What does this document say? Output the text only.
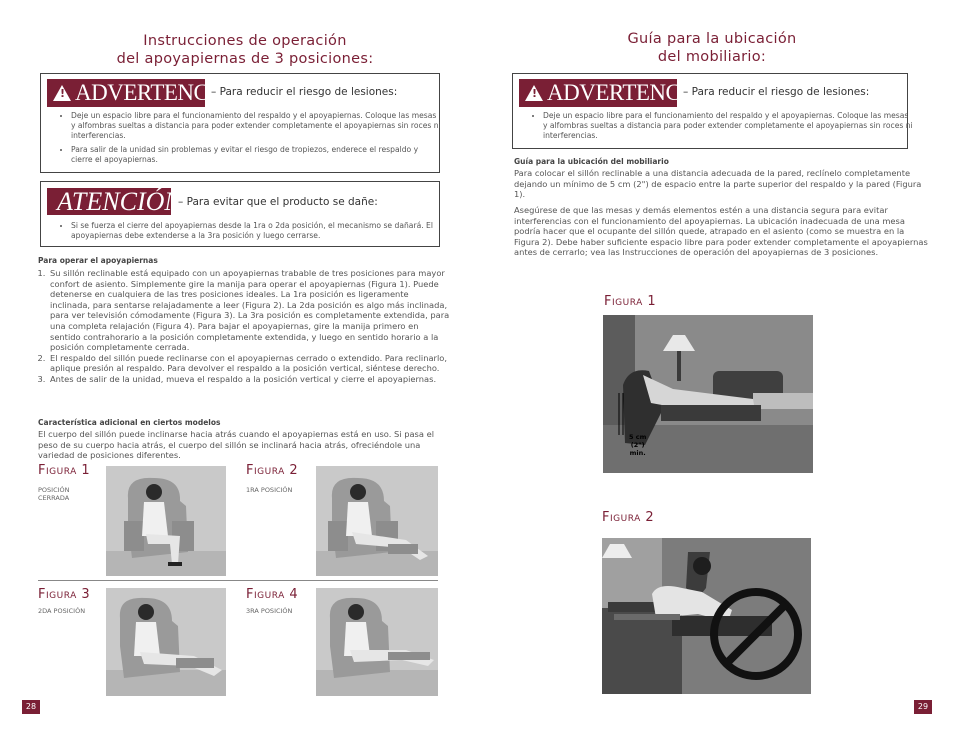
Instrucciones de operación
del apoyapiernas de 3 posiciones:
!
ADVERTENCIA
– Para reducir el riesgo de lesiones:
• Deje un espacio libre para el funcionamiento del respaldo y el apoyapiernas. Coloque las mesas y alfombras sueltas a distancia para poder extender completamente el apoyapiernas sin roces ni interferencias.
• Para salir de la unidad sin problemas y evitar el riesgo de tropiezos, enderece el respaldo y cierre el apoyapiernas.
ATENCIÓN
– Para evitar que el producto se dañe:
• Si se fuerza el cierre del apoyapiernas desde la 1ra o 2da posición, el mecanismo se dañará. El apoyapiernas debe extenderse a la 3ra posición y luego cerrarse.
Para operar el apoyapiernas
1. Su sillón reclinable está equipado con un apoyapiernas trabable de tres posiciones para mayor confort de asiento. Simplemente gire la manija para operar el apoyapiernas (Figura 1). Puede detenerse en cualquiera de las tres posiciones ideales. La 1ra posición es ligeramente inclinada, para sentarse relajadamente a leer (Figura 2). La 2da posición es algo más inclinada, para ver televisión cómodamente (Figura 3). La 3ra posición es completamente extendida, para una completa relajación (Figura 4). Para bajar el apoyapiernas, gire la manija primero en sentido contrahorario a la posición completamente extendida, y luego en sentido horario a la posición completamente cerrada.
2. El respaldo del sillón puede reclinarse con el apoyapiernas cerrado o extendido. Para reclinarlo, aplique presión al respaldo. Para devolver el respaldo a la posición vertical, siéntese derecho.
3. Antes de salir de la unidad, mueva el respaldo a la posición vertical y cierre el apoyapiernas.
Característica adicional en ciertos modelos
El cuerpo del sillón puede inclinarse hacia atrás cuando el apoyapiernas está en uso. Si pasa el peso de su cuerpo hacia atrás, el cuerpo del sillón se inclinará hacia atrás, ofreciéndole una variedad de posiciones diferentes.
Figura 1
POSICIÓN
CERRADA
Figura 2
1RA POSICIÓN
Figura 3
2DA POSICIÓN
Figura 4
3RA POSICIÓN
28
Guía para la ubicación
del mobiliario:
!
ADVERTENCIA
– Para reducir el riesgo de lesiones:
• Deje un espacio libre para el funcionamiento del respaldo y el apoyapiernas. Coloque las mesas y alfombras sueltas a distancia para poder extender completamente el apoyapiernas sin roces ni interferencias.
Guía para la ubicación del mobiliario
Para colocar el sillón reclinable a una distancia adecuada de la pared, reclínelo completamente dejando un mínimo de 5 cm (2") de espacio entre la parte superior del respaldo y la pared (Figura 1).
Asegúrese de que las mesas y demás elementos estén a una distancia segura para evitar interferencias con el funcionamiento del apoyapiernas. La ubicación inadecuada de una mesa podría hacer que el ocupante del sillón quede, atrapado en el asiento (como se muestra en la Figura 2). Debe haber suficiente espacio libre para poder extender completamente el apoyapiernas antes de cerrarlo; vea las Instrucciones de operación del apoyapiernas de 3 posiciones.
Figura 1
5 cm
(2")
min.
Figura 2
29
